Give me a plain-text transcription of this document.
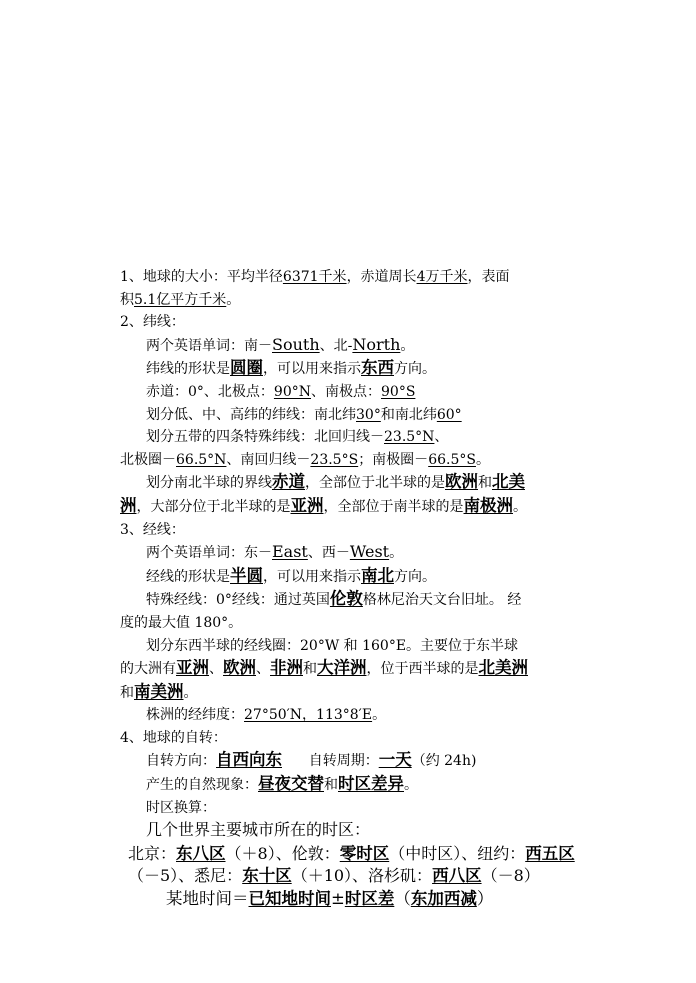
1、地球的大小：平均半径6371千米，赤道周长4万千米，表面
积5.1亿平方千米。
2、纬线：
两个英语单词：南－South、北-North。
纬线的形状是圆圈，可以用来指示东西方向。
赤道：0°、北极点：90°N、南极点：90°S
划分低、中、高纬的纬线：南北纬30°和南北纬60°
划分五带的四条特殊纬线：北回归线－23.5°N、
北极圈－66.5°N、南回归线－23.5°S；南极圈－66.5°S。
划分南北半球的界线赤道，全部位于北半球的是欧洲和北美
洲，大部分位于北半球的是亚洲，全部位于南半球的是南极洲。
3、经线：
两个英语单词：东－East、西－West。
经线的形状是半圆，可以用来指示南北方向。
特殊经线：0°经线：通过英国伦敦格林尼治天文台旧址。 经
度的最大值 180°。
划分东西半球的经线圈：20°W 和 160°E。主要位于东半球
的大洲有亚洲、欧洲、非洲和大洋洲，位于西半球的是北美洲
和南美洲。
株洲的经纬度：27°50′N，113°8′E。
4、地球的自转：
自转方向：自西向东      自转周期：一天（约 24h)
产生的自然现象：昼夜交替和时区差异。
时区换算：
几个世界主要城市所在的时区：
北京：东八区（＋8）、伦敦：零时区（中时区）、纽约：西五区
（－5）、悉尼：东十区（＋10）、洛杉矶：西八区（－8）
某地时间＝已知地时间±时区差（东加西减）
